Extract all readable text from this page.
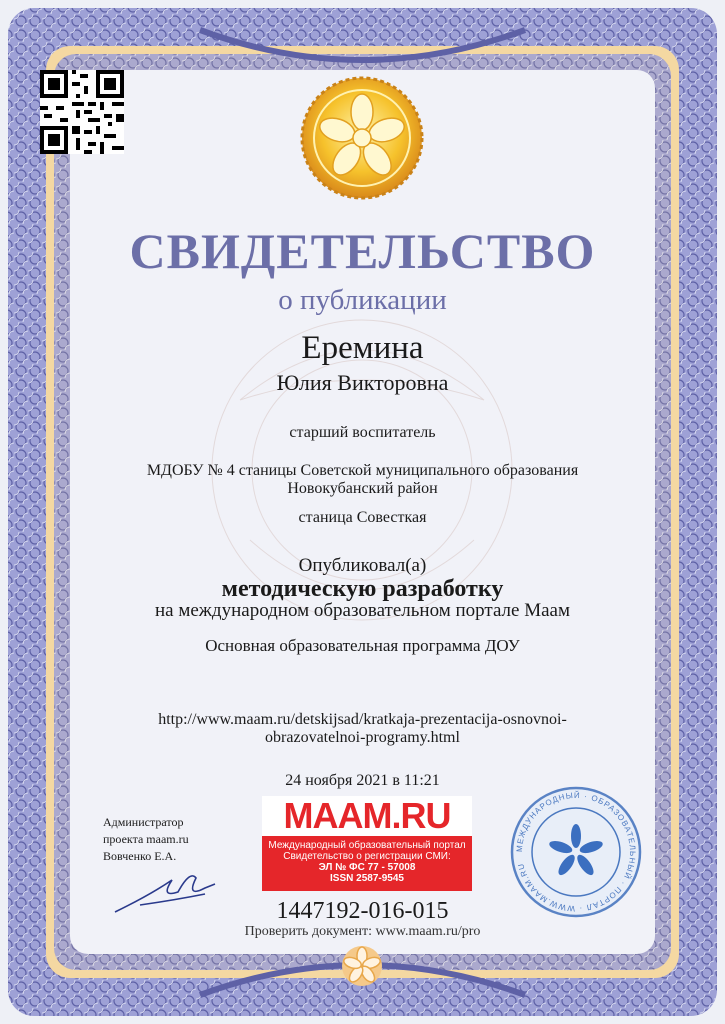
МЕЖДУНАРОДНЫЙ · ОБРАЗОВАТЕЛЬНЫЙ · ПОРТАЛ · WWW.MAAM.RU
СВИДЕТЕЛЬСТВО
о публикации
Еремина
Юлия Викторовна
старший воспитатель
МДОБУ № 4 станицы Советской муниципального образования
Новокубанский район
станица Совесткая
Опубликовал(а)
методическую разработку
на международном образовательном портале Маам
Основная образовательная программа ДОУ
http://www.maam.ru/detskijsad/kratkaja-prezentacija-osnovnoi-
obrazovatelnoi-programy.html
24 ноября 2021 в 11:21
Администратор
проекта maam.ru
Вовченко Е.А.
MAAM.RU
Международный образовательный портал
Свидетельство о регистрации СМИ:
ЭЛ № ФС 77 - 57008
ISSN 2587-9545
1447192-016-015
Проверить документ: www.maam.ru/pro
